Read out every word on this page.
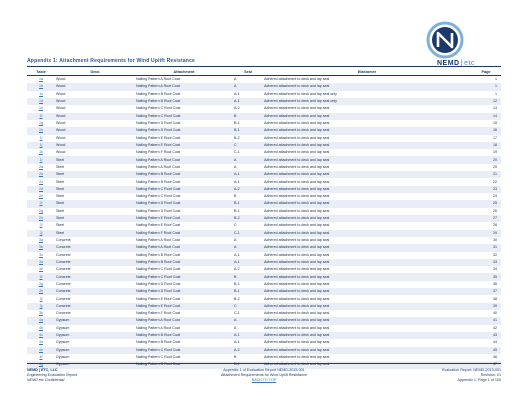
NEMD|etc
Appendix 1: Attachment Requirements for Wind Uplift Resistance
Table	Deck	Attachment	Seal	Elastomer	Page
1a	Wood	Nailing Pattern A Roof Coat	A	Adhered attachment to deck and lap seal	1
1b	Wood	Nailing Pattern A Roof Coat	A	Adhered attachment to deck and lap seal	1
1c	Wood	Nailing Pattern B Roof Coat	A-1	Adhered attachment to deck and lap seal only	1
1d	Wood	Nailing Pattern B Roof Coat	A-1	Adhered attachment to deck and lap seal only	12
1e	Wood	Nailing Pattern C Roof Coat	A-2	Adhered attachment to deck and lap seal	13
1f	Wood	Nailing Pattern C Roof Coat	B	Adhered attachment to deck and lap seal	14
1g	Wood	Nailing Pattern D Roof Coat	B-1	Adhered attachment to deck and lap seal	15
1h	Wood	Nailing Pattern D Roof Coat	B-1	Adhered attachment to deck and lap seal	16
1i	Wood	Nailing Pattern E Roof Coat	B-2	Adhered attachment to deck and lap seal	17
1j	Wood	Nailing Pattern E Roof Coat	C	Adhered attachment to deck and lap seal	18
1k	Wood	Nailing Pattern F Roof Coat	C-1	Adhered attachment to deck and lap seal	19
1l	Steel	Nailing Pattern A Roof Coat	A	Adhered attachment to deck and lap seal	20
2a	Steel	Nailing Pattern A Roof Coat	A	Adhered attachment to deck and lap seal	20
2b	Steel	Nailing Pattern B Roof Coat	A-1	Adhered attachment to deck and lap seal	21
2c	Steel	Nailing Pattern B Roof Coat	A-1	Adhered attachment to deck and lap seal	22
2d	Steel	Nailing Pattern C Roof Coat	A-2	Adhered attachment to deck and lap seal	23
2e	Steel	Nailing Pattern C Roof Coat	B	Adhered attachment to deck and lap seal	24
2f	Steel	Nailing Pattern D Roof Coat	B-1	Adhered attachment to deck and lap seal	25
2g	Steel	Nailing Pattern D Roof Coat	B-1	Adhered attachment to deck and lap seal	26
2h	Steel	Nailing Pattern E Roof Coat	B-2	Adhered attachment to deck and lap seal	27
2i	Steel	Nailing Pattern E Roof Coat	C	Adhered attachment to deck and lap seal	28
2j	Steel	Nailing Pattern F Roof Coat	C-1	Adhered attachment to deck and lap seal	29
3a	Concrete	Nailing Pattern A Roof Coat	A	Adhered attachment to deck and lap seal	30
3b	Concrete	Nailing Pattern A Roof Coat	A	Adhered attachment to deck and lap seal	31
3c	Concrete	Nailing Pattern B Roof Coat	A-1	Adhered attachment to deck and lap seal	32
3d	Concrete	Nailing Pattern B Roof Coat	A-1	Adhered attachment to deck and lap seal	33
3e	Concrete	Nailing Pattern C Roof Coat	A-2	Adhered attachment to deck and lap seal	34
3f	Concrete	Nailing Pattern C Roof Coat	B	Adhered attachment to deck and lap seal	35
3g	Concrete	Nailing Pattern D Roof Coat	B-1	Adhered attachment to deck and lap seal	36
3h	Concrete	Nailing Pattern D Roof Coat	B-1	Adhered attachment to deck and lap seal	37
3i	Concrete	Nailing Pattern E Roof Coat	B-2	Adhered attachment to deck and lap seal	38
3j	Concrete	Nailing Pattern E Roof Coat	C	Adhered attachment to deck and lap seal	39
3k	Concrete	Nailing Pattern F Roof Coat	C-1	Adhered attachment to deck and lap seal	40
4a	Gypsum	Nailing Pattern A Roof Coat	A	Adhered attachment to deck and lap seal	41
4b	Gypsum	Nailing Pattern A Roof Coat	A	Adhered attachment to deck and lap seal	42
4c	Gypsum	Nailing Pattern B Roof Coat	A-1	Adhered attachment to deck and lap seal	43
4d	Gypsum	Nailing Pattern B Roof Coat	A-1	Adhered attachment to deck and lap seal	44
4e	Gypsum	Nailing Pattern C Roof Coat	A-2	Adhered attachment to deck and lap seal	45
4f	Gypsum	Nailing Pattern C Roof Coat	B	Adhered attachment to deck and lap seal	46
4g	Gypsum	Nailing Pattern D Roof Coat	B-1	Adhered attachment to deck and lap seal	47
NEMD | ETC, LLC
Engineering Evaluation Report
NEMD etc Confidential
Appendix 1 of Evaluation Report NEMD-2015-001
Attachment Requirements for Wind Uplift Resistance
BACK TO TOP
Evaluation Report: NEMD-2015-001
Revision: 01
Appendix 1, Page 1 of 100
